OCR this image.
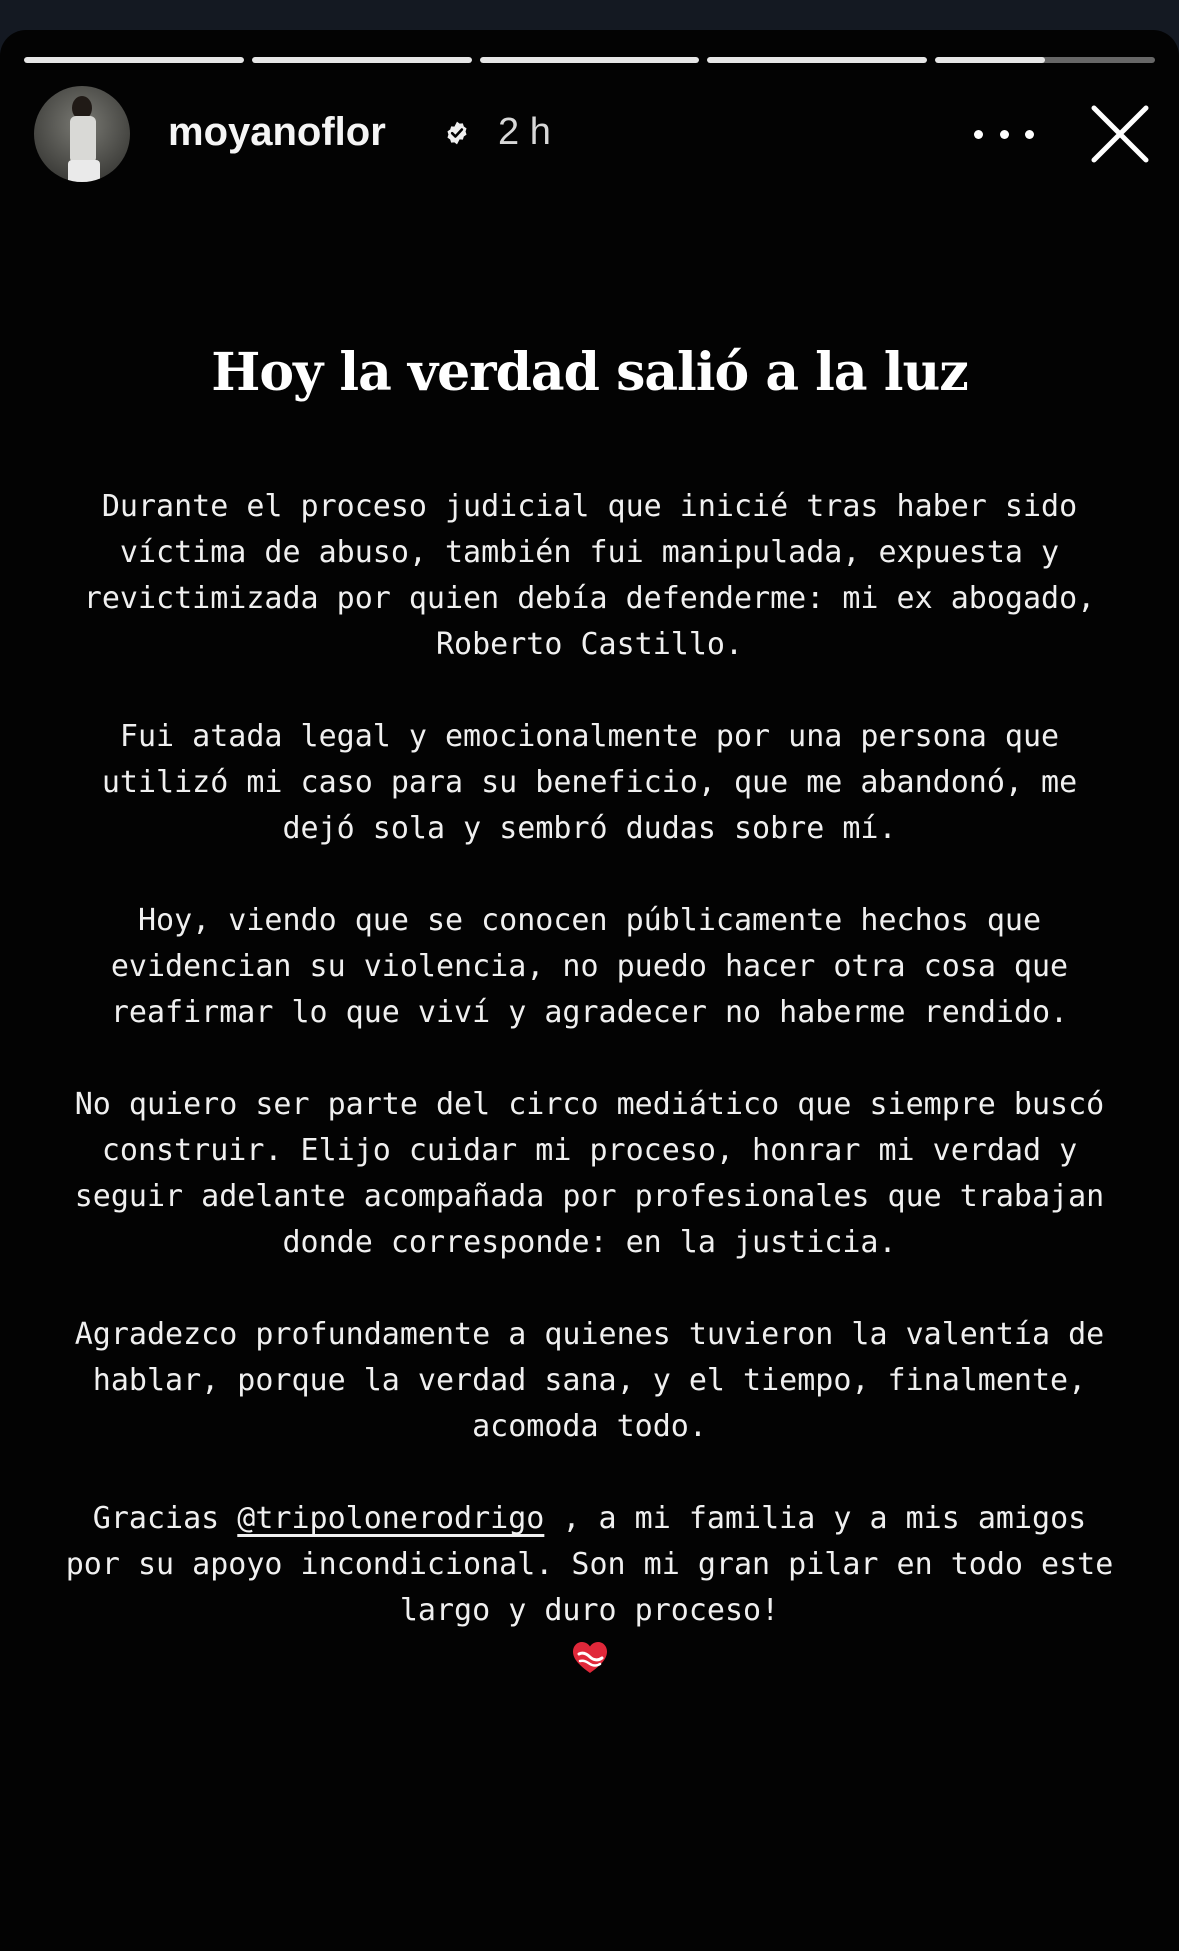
moyanoflor	2 h
Hoy la verdad salió a la luz

Durante el proceso judicial que inicié tras haber sido víctima de abuso, también fui manipulada, expuesta y revictimizada por quien debía defenderme: mi ex abogado, Roberto Castillo.

Fui atada legal y emocionalmente por una persona que utilizó mi caso para su beneficio, que me abandonó, me dejó sola y sembró dudas sobre mí.

Hoy, viendo que se conocen públicamente hechos que evidencian su violencia, no puedo hacer otra cosa que reafirmar lo que viví y agradecer no haberme rendido.

No quiero ser parte del circo mediático que siempre buscó construir. Elijo cuidar mi proceso, honrar mi verdad y seguir adelante acompañada por profesionales que trabajan donde corresponde: en la justicia.

Agradezco profundamente a quienes tuvieron la valentía de hablar, porque la verdad sana, y el tiempo, finalmente, acomoda todo.

Gracias @tripolonerodrigo , a mi familia y a mis amigos por su apoyo incondicional. Son mi gran pilar en todo este largo y duro proceso!
